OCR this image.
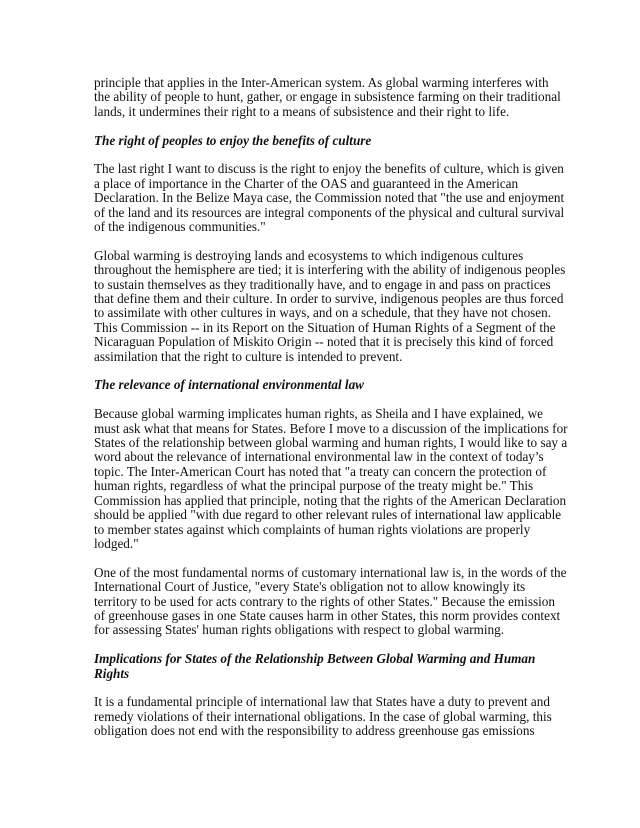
principle that applies in the Inter-American system. As global warming interferes with
the ability of people to hunt, gather, or engage in subsistence farming on their traditional
lands, it undermines their right to a means of subsistence and their right to life.
The right of peoples to enjoy the benefits of culture
The last right I want to discuss is the right to enjoy the benefits of culture, which is given
a place of importance in the Charter of the OAS and guaranteed in the American
Declaration. In the Belize Maya case, the Commission noted that "the use and enjoyment
of the land and its resources are integral components of the physical and cultural survival
of the indigenous communities."
Global warming is destroying lands and ecosystems to which indigenous cultures
throughout the hemisphere are tied; it is interfering with the ability of indigenous peoples
to sustain themselves as they traditionally have, and to engage in and pass on practices
that define them and their culture. In order to survive, indigenous peoples are thus forced
to assimilate with other cultures in ways, and on a schedule, that they have not chosen.
This Commission -- in its Report on the Situation of Human Rights of a Segment of the
Nicaraguan Population of Miskito Origin -- noted that it is precisely this kind of forced
assimilation that the right to culture is intended to prevent.
The relevance of international environmental law
Because global warming implicates human rights, as Sheila and I have explained, we
must ask what that means for States. Before I move to a discussion of the implications for
States of the relationship between global warming and human rights, I would like to say a
word about the relevance of international environmental law in the context of today’s
topic. The Inter-American Court has noted that "a treaty can concern the protection of
human rights, regardless of what the principal purpose of the treaty might be." This
Commission has applied that principle, noting that the rights of the American Declaration
should be applied "with due regard to other relevant rules of international law applicable
to member states against which complaints of human rights violations are properly
lodged."
One of the most fundamental norms of customary international law is, in the words of the
International Court of Justice, "every State's obligation not to allow knowingly its
territory to be used for acts contrary to the rights of other States." Because the emission
of greenhouse gases in one State causes harm in other States, this norm provides context
for assessing States' human rights obligations with respect to global warming.
Implications for States of the Relationship Between Global Warming and Human
Rights
It is a fundamental principle of international law that States have a duty to prevent and
remedy violations of their international obligations. In the case of global warming, this
obligation does not end with the responsibility to address greenhouse gas emissions
